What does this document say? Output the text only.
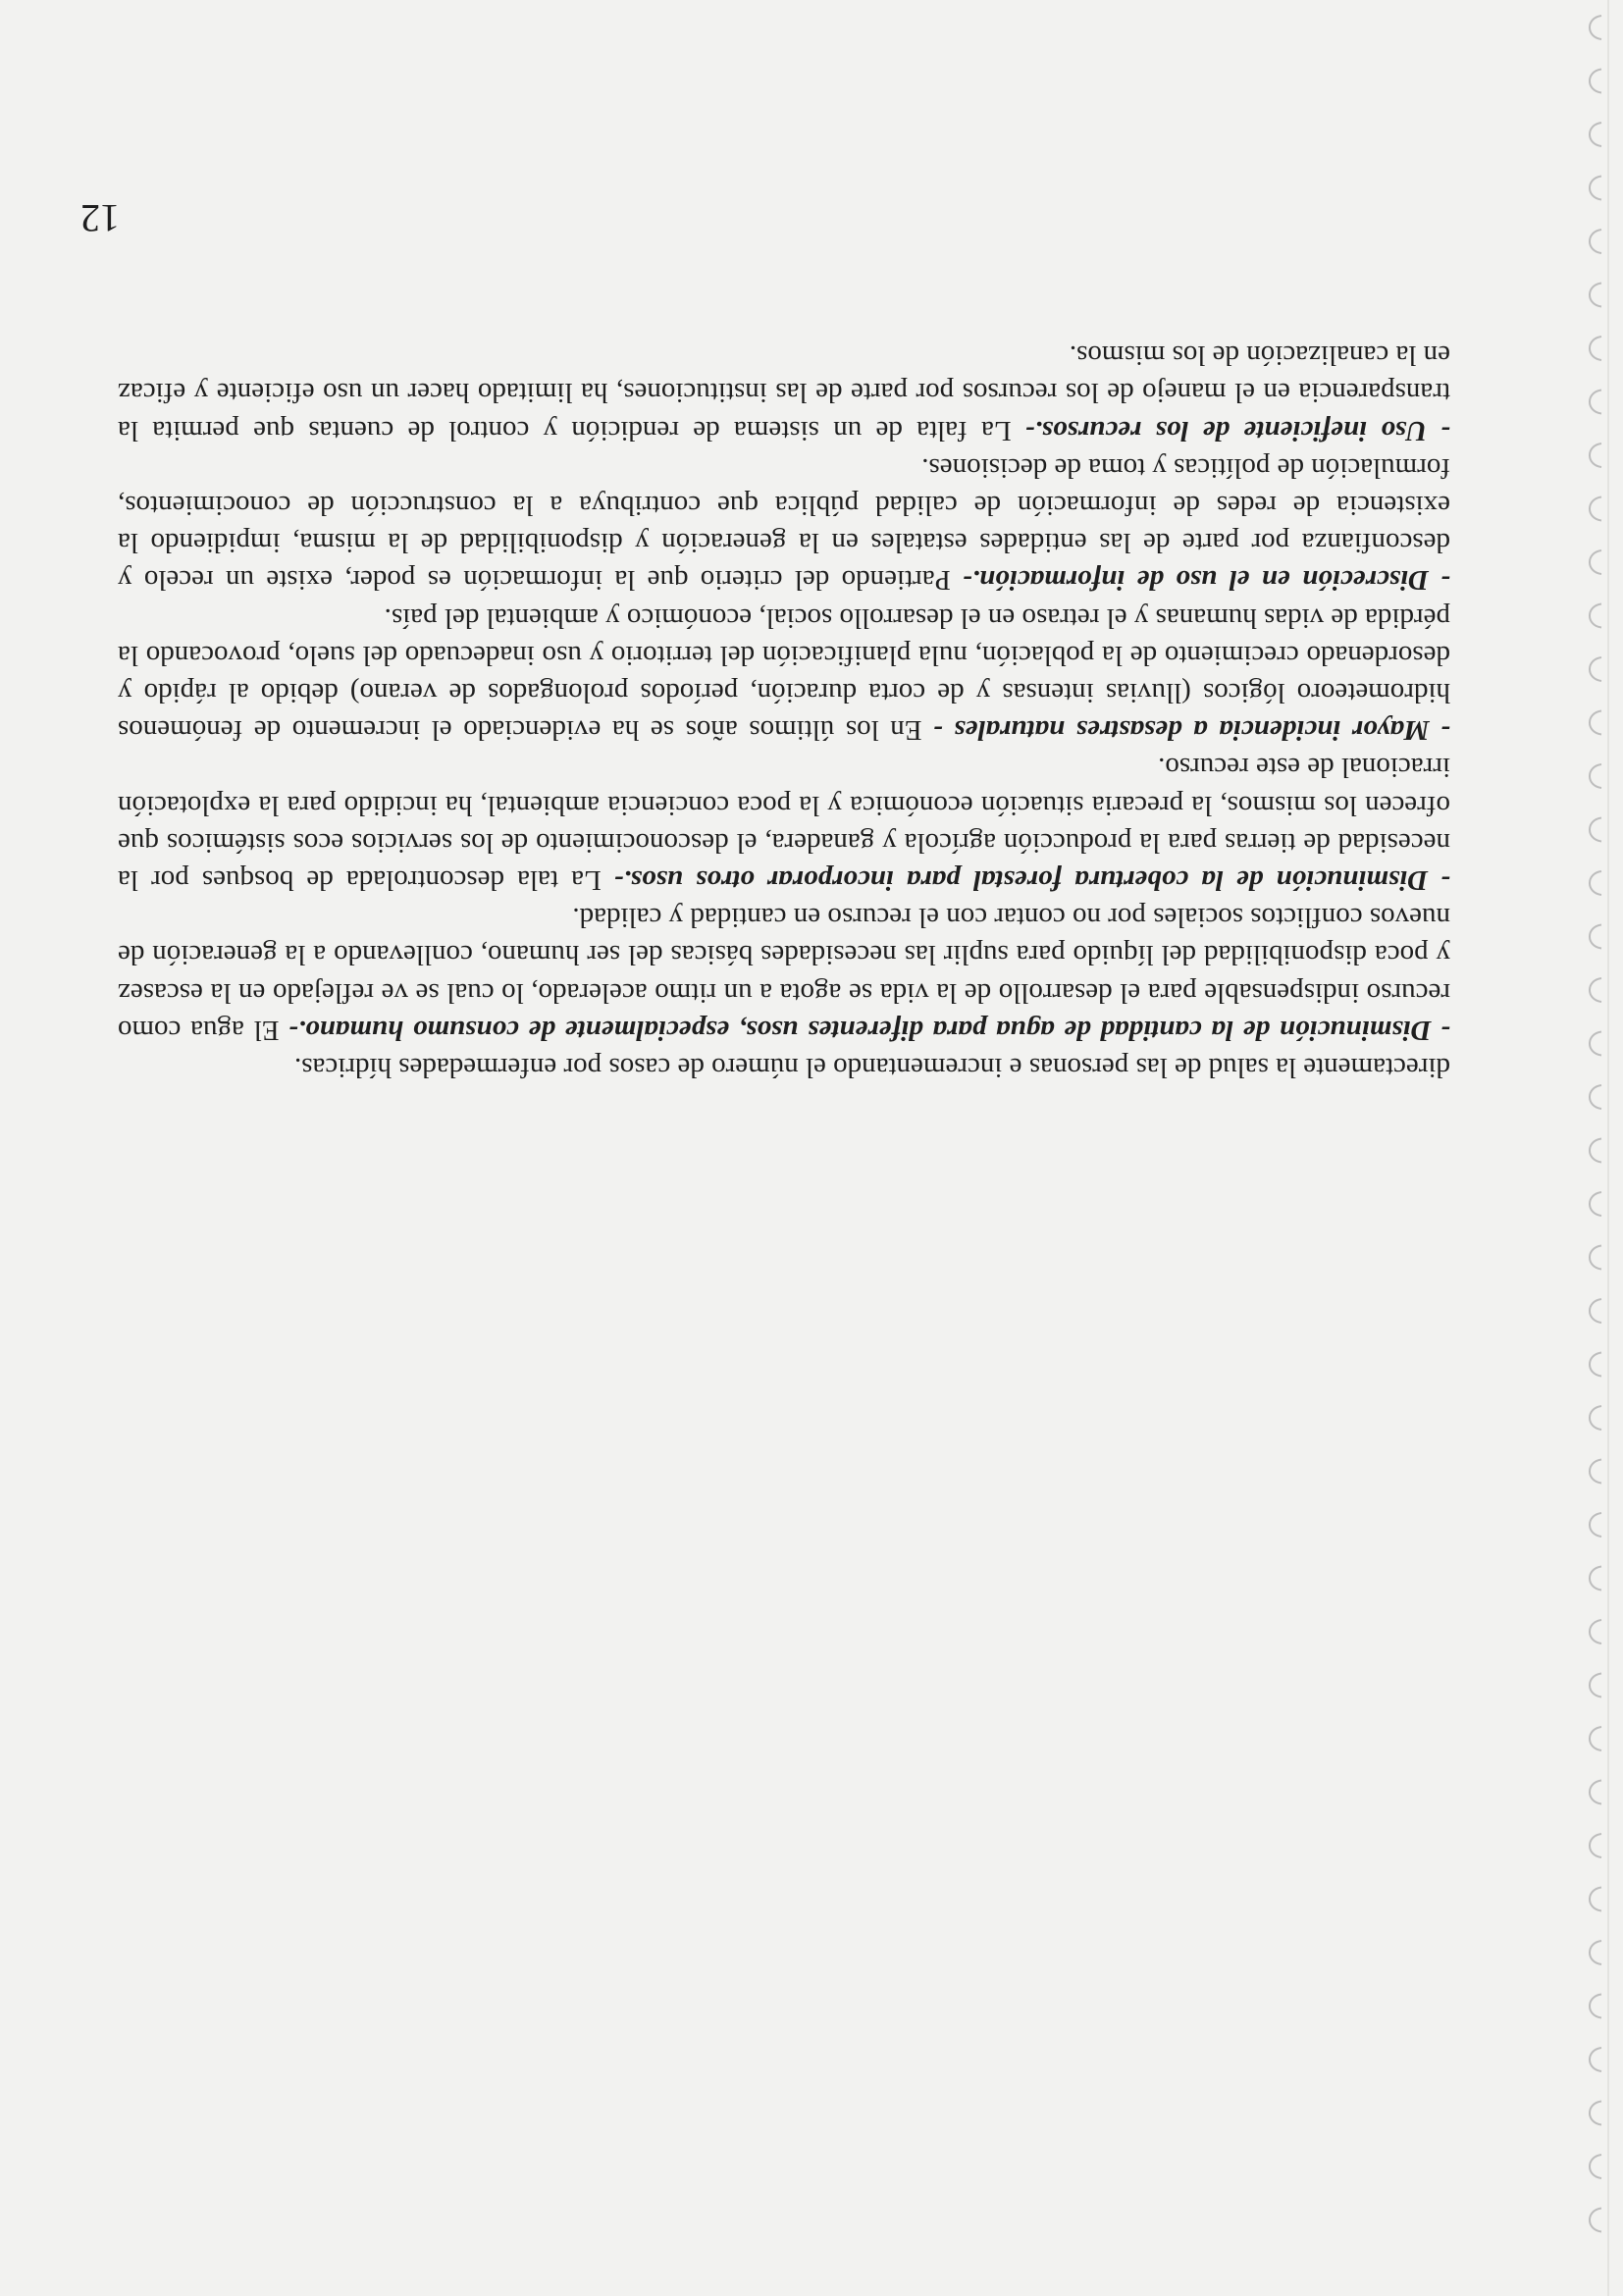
directamente la salud de las personas e incrementando el número de casos por enfermedades hídricas.

- Disminución de la cantidad de agua para diferentes usos, especialmente de consumo humano.- El agua como recurso indispensable para el desarrollo de la vida se agota a un ritmo acelerado, lo cual se ve reflejado en la escasez y poca disponibilidad del líquido para suplir las necesidades básicas del ser humano, conllevando a la generación de nuevos conflictos sociales por no contar con el recurso en cantidad y calidad.

- Disminución de la cobertura forestal para incorporar otros usos.- La tala descontrolada de bosques por la necesidad de tierras para la producción agrícola y ganadera, el desconocimiento de los servicios ecos sistémicos que ofrecen los mismos, la precaria situación económica y la poca conciencia ambiental, ha incidido para la explotación irracional de este recurso.

- Mayor incidencia a desastres naturales - En los últimos años se ha evidenciado el incremento de fenómenos hidrometeoro lógicos (lluvias intensas y de corta duración, períodos prolongados de verano) debido al rápido y desordenado crecimiento de la población, nula planificación del territorio y uso inadecuado del suelo, provocando la pérdida de vidas humanas y el retraso en el desarrollo social, económico y ambiental del país.

- Discreción en el uso de información.- Partiendo del criterio que la información es poder, existe un recelo y desconfianza por parte de las entidades estatales en la generación y disponibilidad de la misma, impidiendo la existencia de redes de información de calidad pública que contribuya a la construcción de conocimientos, formulación de políticas y toma de decisiones.

- Uso ineficiente de los recursos.- La falta de un sistema de rendición y control de cuentas que permita la transparencia en el manejo de los recursos por parte de las instituciones, ha limitado hacer un uso eficiente y eficaz en la canalización de los mismos.

12
